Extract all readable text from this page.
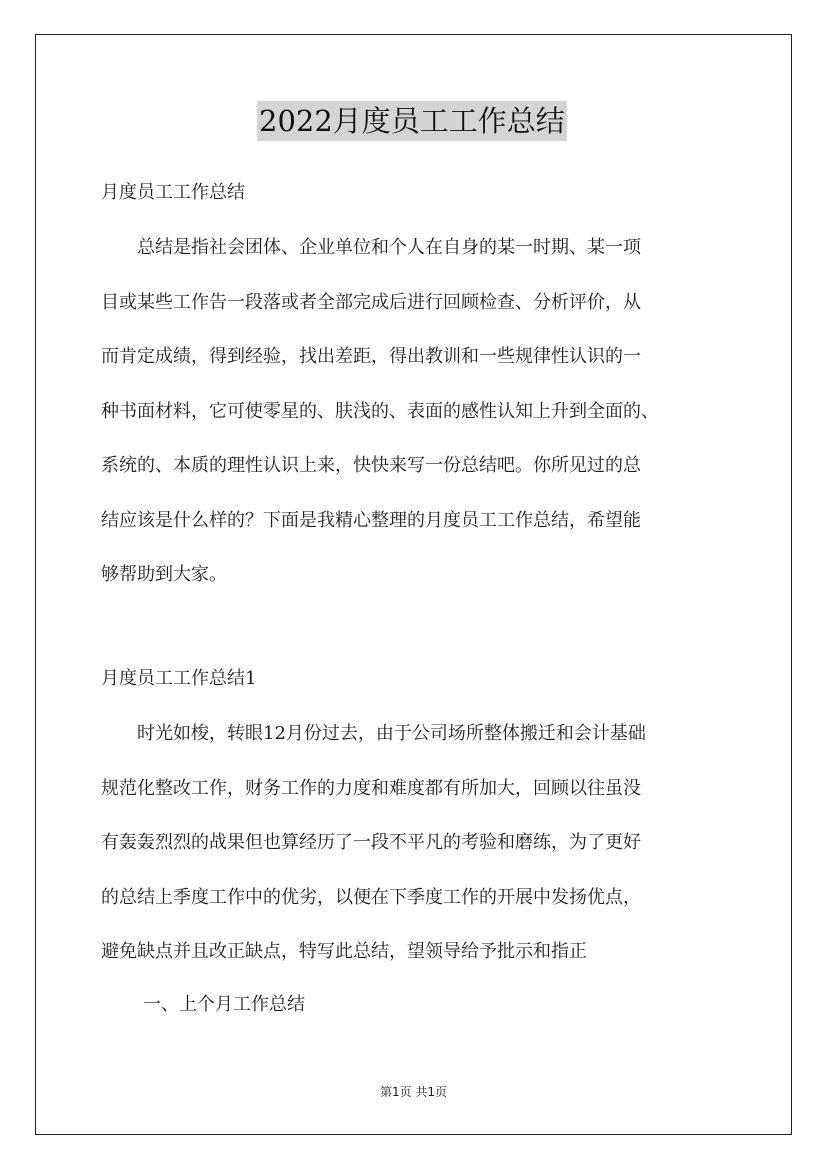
2022月度员工工作总结
月度员工工作总结
　　总结是指社会团体、企业单位和个人在自身的某一时期、某一项
目或某些工作告一段落或者全部完成后进行回顾检查、分析评价，从
而肯定成绩，得到经验，找出差距，得出教训和一些规律性认识的一
种书面材料，它可使零星的、肤浅的、表面的感性认知上升到全面的、
系统的、本质的理性认识上来，快快来写一份总结吧。你所见过的总
结应该是什么样的？下面是我精心整理的月度员工工作总结，希望能
够帮助到大家。
月度员工工作总结1
　　时光如梭，转眼12月份过去，由于公司场所整体搬迁和会计基础
规范化整改工作，财务工作的力度和难度都有所加大，回顾以往虽没
有轰轰烈烈的战果但也算经历了一段不平凡的考验和磨练，为了更好
的总结上季度工作中的优劣，以便在下季度工作的开展中发扬优点，
避免缺点并且改正缺点，特写此总结，望领导给予批示和指正
一、上个月工作总结
第1页 共1页
